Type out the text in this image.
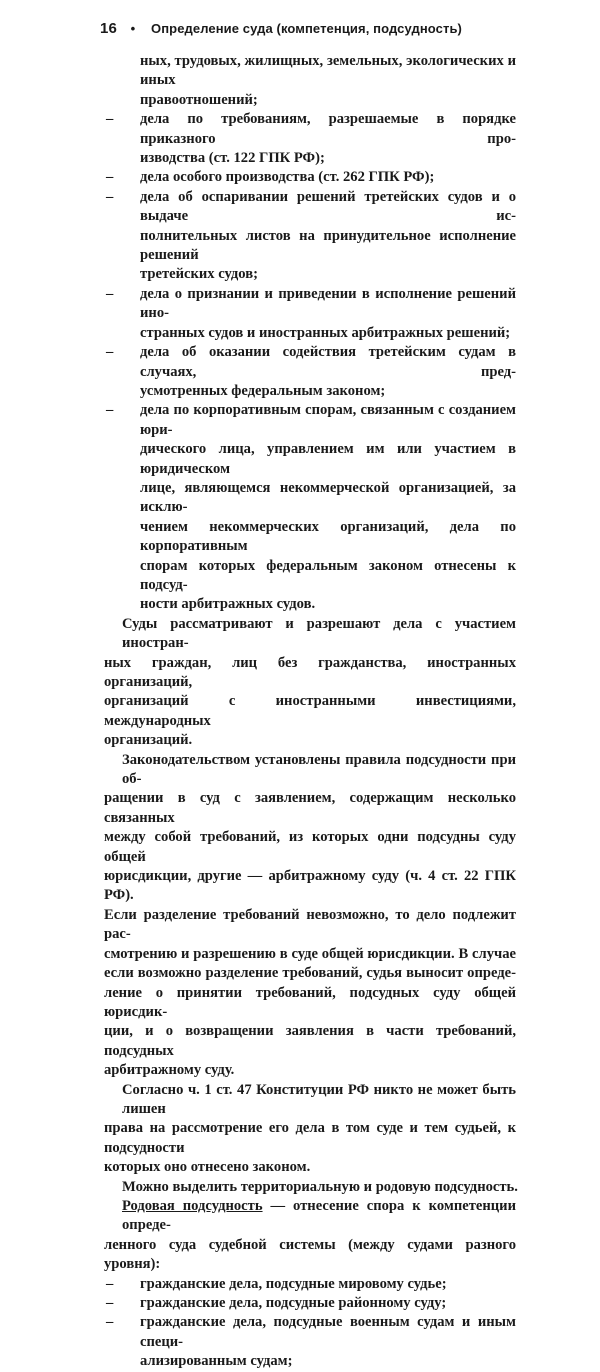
16 • Определение суда (компетенция, подсудность)
ных, трудовых, жилищных, земельных, экологических и иных
правоотношений;
– дела по требованиям, разрешаемые в порядке приказного про-
изводства (ст. 122 ГПК РФ);
– дела особого производства (ст. 262 ГПК РФ);
– дела об оспаривании решений третейских судов и о выдаче ис-
полнительных листов на принудительное исполнение решений
третейских судов;
– дела о признании и приведении в исполнение решений ино-
странных судов и иностранных арбитражных решений;
– дела об оказании содействия третейским судам в случаях, пред-
усмотренных федеральным законом;
– дела по корпоративным спорам, связанным с созданием юри-
дического лица, управлением им или участием в юридическом
лице, являющемся некоммерческой организацией, за исклю-
чением некоммерческих организаций, дела по корпоративным
спорам которых федеральным законом отнесены к подсуд-
ности арбитражных судов.
Суды рассматривают и разрешают дела с участием иностран-
ных граждан, лиц без гражданства, иностранных организаций,
организаций с иностранными инвестициями, международных
организаций.
Законодательством установлены правила подсудности при об-
ращении в суд с заявлением, содержащим несколько связанных
между собой требований, из которых одни подсудны суду общей
юрисдикции, другие — арбитражному суду (ч. 4 ст. 22 ГПК РФ).
Если разделение требований невозможно, то дело подлежит рас-
смотрению и разрешению в суде общей юрисдикции. В случае
если возможно разделение требований, судья выносит опреде-
ление о принятии требований, подсудных суду общей юрисдик-
ции, и о возвращении заявления в части требований, подсудных
арбитражному суду.
Согласно ч. 1 ст. 47 Конституции РФ никто не может быть лишен
права на рассмотрение его дела в том суде и тем судьей, к подсудности
которых оно отнесено законом.
Можно выделить территориальную и родовую подсудность.
Родовая подсудность — отнесение спора к компетенции опреде-
ленного суда судебной системы (между судами разного уровня):
– гражданские дела, подсудные мировому судье;
– гражданские дела, подсудные районному суду;
– гражданские дела, подсудные военным судам и иным специ-
ализированным судам;
